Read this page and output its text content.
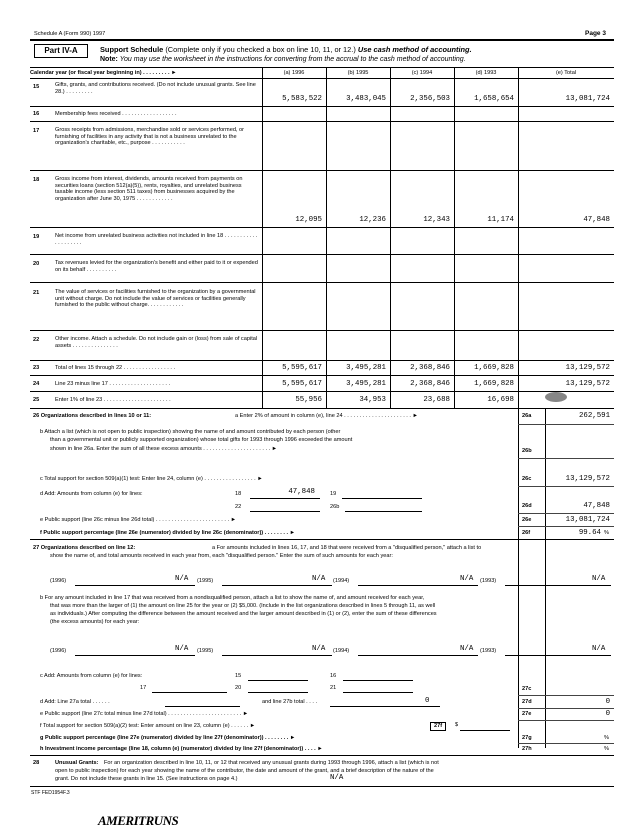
Schedule A (Form 990) 1997	Page 3
Part IV-A	Support Schedule (Complete only if you checked a box on line 10, 11, or 12.) Use cash method of accounting.
Note: You may use the worksheet in the instructions for converting from the accrual to the cash method of accounting.
Calendar year (or fiscal year beginning in) . . . . . . . . . ►	(a) 1996	(b) 1995	(c) 1994	(d) 1993	(e) Total
15	Gifts, grants, and contributions received. (Do not include unusual grants. See line 28.) . . . . . . . . .
5,583,522	3,483,045	2,356,503	1,658,654	13,081,724
16	Membership fees received . . . . . . . . . . . . . . . . . .
17	Gross receipts from admissions, merchandise sold or services performed, or furnishing of facilities in any activity that is not a business unrelated to the organization's charitable, etc., purpose . . . . . . . . . . .
18	Gross income from interest, dividends, amounts received from payments on securities loans (section 512(a)(5)), rents, royalties, and unrelated business taxable income (less section 511 taxes) from businesses acquired by the organization after June 30, 1975 . . . . . . . . . . . .
12,095	12,236	12,343	11,174	47,848
19	Net income from unrelated business activities not included in line 18 . . . . . . . . . . . . . . . . . . . .
20	Tax revenues levied for the organization's benefit and either paid to it or expended on its behalf . . . . . . . . . .
21	The value of services or facilities furnished to the organization by a governmental unit without charge. Do not include the value of services or facilities generally furnished to the public without charge. . . . . . . . . . . .
22	Other income. Attach a schedule. Do not include gain or (loss) from sale of capital assets . . . . . . . . . . . . . . .
23	Total of lines 15 through 22 . . . . . . . . . . . . . . . . .	5,595,617	3,495,281	2,368,846	1,669,828	13,129,572
24	Line 23 minus line 17 . . . . . . . . . . . . . . . . . . . .	5,595,617	3,495,281	2,368,846	1,669,828	13,129,572
25	Enter 1% of line 23 . . . . . . . . . . . . . . . . . . . . . .	55,956	34,953	23,688	16,698
26 Organizations described in lines 10 or 11:	a Enter 2% of amount in column (e), line 24 . . . . . . . . . . . . . . . . . . . . . . ►	26a	262,591
b Attach a list (which is not open to public inspection) showing the name of and amount contributed by each person (other
than a governmental unit or publicly supported organization) whose total gifts for 1993 through 1996 exceeded the amount
shown in line 26a. Enter the sum of all these excess amounts . . . . . . . . . . . . . . . . . . . . . . ►	26b
c Total support for section 509(a)(1) test: Enter line 24, column (e) . . . . . . . . . . . . . . . . . ►	26c	13,129,572
d Add: Amounts from column (e) for lines:	18	47,848	19
22	26b	26d	47,848
e Public support (line 26c minus line 26d total) . . . . . . . . . . . . . . . . . . . . . . . . ►	26e	13,081,724
f Public support percentage (line 26e (numerator) divided by line 26c (denominator)) . . . . . . . . ►	26f	99.64 %
27 Organizations described on line 12:	a For amounts included in lines 16, 17, and 18 that were received from a "disqualified person," attach a list to
show the name of, and total amounts received in each year from, each "disqualified person." Enter the sum of such amounts for each year:
(1996)	N/A (1995)	N/A (1994)	N/A (1993)	N/A
b For any amount included in line 17 that was received from a nondisqualified person, attach a list to show the name of, and amount received for each year,
that was more than the larger of (1) the amount on line 25 for the year or (2) $5,000. (Include in the list organizations described in lines 5 through 11, as well
as individuals.) After computing the difference between the amount received and the larger amount described in (1) or (2), enter the sum of these differences
(the excess amounts) for each year:
(1996)	N/A (1995)	N/A (1994)	N/A (1993)	N/A
c Add: Amounts from column (e) for lines:	15	16
17	20	21	27c
d Add: Line 27a total . . . . . .	and line 27b total . . . .	0	27d	0
e Public support (line 27c total minus line 27d total) . . . . . . . . . . . . . . . . . . . . . . . . ►	27e	0
f Total support for section 509(a)(2) test: Enter amount on line 23, column (e) . . . . . . ►	27f	$
g Public support percentage (line 27e (numerator) divided by line 27f (denominator)) . . . . . . . . ►	27g	%
h Investment income percentage (line 18, column (e) (numerator) divided by line 27f (denominator)) . . . . ►	27h	%
28	Unusual Grants: For an organization described in line 10, 11, or 12 that received any unusual grants during 1993 through 1996, attach a list (which is not
open to public inspection) for each year showing the name of the contributor, the date and amount of the grant, and a brief description of the nature of the
grant. Do not include these grants in line 15. (See instructions on page 4.)	N/A
STF FED1954F.3
AMERITRUNS
